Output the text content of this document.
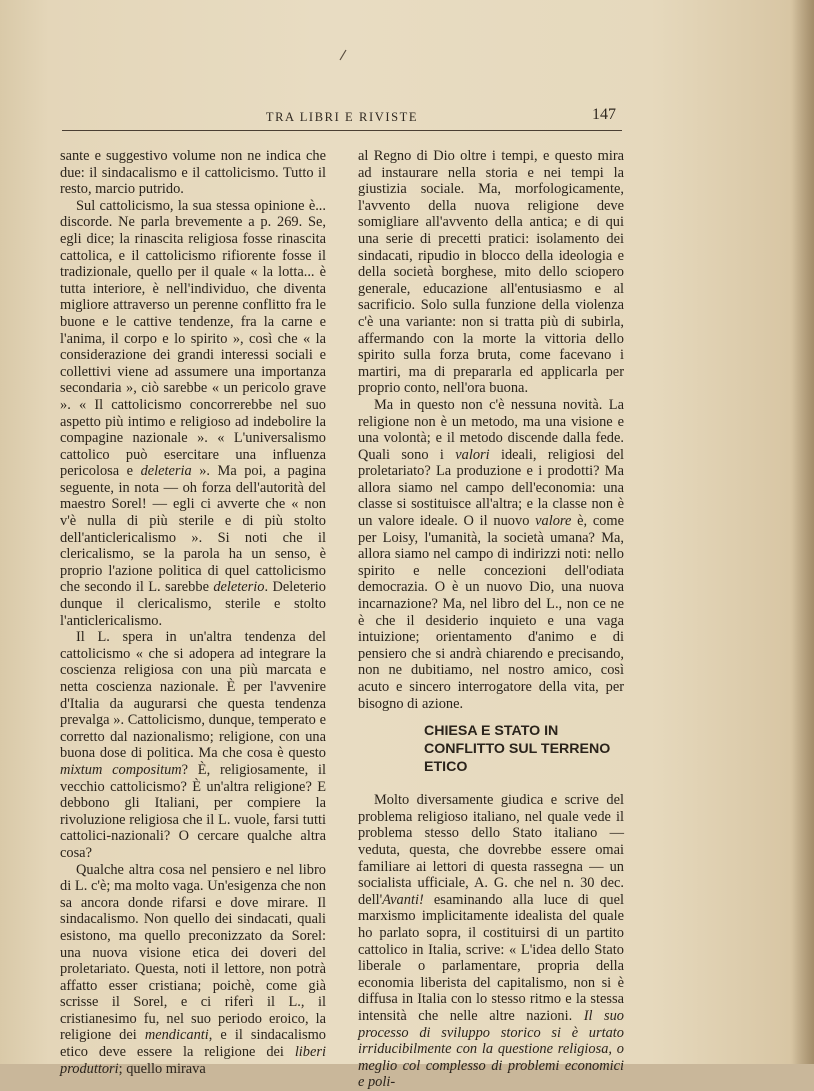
TRA LIBRI E RIVISTE	147

sante e suggestivo volume non ne indica che due: il sindacalismo e il cattolicismo. Tutto il resto, marcio putrido.

Sul cattolicismo, la sua stessa opinione è... discorde. Ne parla brevemente a p. 269. Se, egli dice; la rinascita religiosa fosse rinascita cattolica, e il cattolicismo rifiorente fosse il tradizionale, quello per il quale « la lotta... è tutta interiore, è nell'individuo, che diventa migliore attraverso un perenne conflitto fra le buone e le cattive tendenze, fra la carne e l'anima, il corpo e lo spirito », così che « la considerazione dei grandi interessi sociali e collettivi viene ad assumere una importanza secondaria », ciò sarebbe « un pericolo grave ». « Il cattolicismo concorrerebbe nel suo aspetto più intimo e religioso ad indebolire la compagine nazionale ». « L'universalismo cattolico può esercitare una influenza pericolosa e deleteria ». Ma poi, a pagina seguente, in nota — oh forza dell'autorità del maestro Sorel! — egli ci avverte che « non v'è nulla di più sterile e di più stolto dell'anticlericalismo ». Si noti che il clericalismo, se la parola ha un senso, è proprio l'azione politica di quel cattolicismo che secondo il L. sarebbe deleterio. Deleterio dunque il clericalismo, sterile e stolto l'anticlericalismo.

Il L. spera in un'altra tendenza del cattolicismo « che si adopera ad integrare la coscienza religiosa con una più marcata e netta coscienza nazionale. È per l'avvenire d'Italia da augurarsi che questa tendenza prevalga ». Cattolicismo, dunque, temperato e corretto dal nazionalismo; religione, con una buona dose di politica. Ma che cosa è questo mixtum compositum? È, religiosamente, il vecchio cattolicismo? È un'altra religione? E debbono gli Italiani, per compiere la rivoluzione religiosa che il L. vuole, farsi tutti cattolici-nazionali? O cercare qualche altra cosa?

Qualche altra cosa nel pensiero e nel libro di L. c'è; ma molto vaga. Un'esigenza che non sa ancora donde rifarsi e dove mirare. Il sindacalismo. Non quello dei sindacati, quali esistono, ma quello preconizzato da Sorel: una nuova visione etica dei doveri del proletariato. Questa, noti il lettore, non potrà affatto esser cristiana; poichè, come già scrisse il Sorel, e ci riferì il L., il cristianesimo fu, nel suo periodo eroico, la religione dei mendicanti, e il sindacalismo etico deve essere la religione dei liberi produttori; quello mirava

al Regno di Dio oltre i tempi, e questo mira ad instaurare nella storia e nei tempi la giustizia sociale. Ma, morfologicamente, l'avvento della nuova religione deve somigliare all'avvento della antica; e di qui una serie di precetti pratici: isolamento dei sindacati, ripudio in blocco della ideologia e della società borghese, mito dello sciopero generale, educazione all'entusiasmo e al sacrificio. Solo sulla funzione della violenza c'è una variante: non si tratta più di subirla, affermando con la morte la vittoria dello spirito sulla forza bruta, come facevano i martiri, ma di prepararla ed applicarla per proprio conto, nell'ora buona.

Ma in questo non c'è nessuna novità. La religione non è un metodo, ma una visione e una volontà; e il metodo discende dalla fede. Quali sono i valori ideali, religiosi del proletariato? La produzione e i prodotti? Ma allora siamo nel campo dell'economia: una classe si sostituisce all'altra; e la classe non è un valore ideale. O il nuovo valore è, come per Loisy, l'umanità, la società umana? Ma, allora siamo nel campo di indirizzi noti: nello spirito e nelle concezioni dell'odiata democrazia. O è un nuovo Dio, una nuova incarnazione? Ma, nel libro del L., non ce ne è che il desiderio inquieto e una vaga intuizione; orientamento d'animo e di pensiero che si andrà chiarendo e precisando, non ne dubitiamo, nel nostro amico, così acuto e sincero interrogatore della vita, per bisogno di azione.

CHIESA E STATO IN CONFLITTO SUL TERRENO ETICO

Molto diversamente giudica e scrive del problema religioso italiano, nel quale vede il problema stesso dello Stato italiano — veduta, questa, che dovrebbe essere omai familiare ai lettori di questa rassegna — un socialista ufficiale, A. G. che nel n. 30 dec. dell'Avanti! esaminando alla luce di quel marxismo implicitamente idealista del quale ho parlato sopra, il costituirsi di un partito cattolico in Italia, scrive: « L'idea dello Stato liberale o parlamentare, propria della economia liberista del capitalismo, non si è diffusa in Italia con lo stesso ritmo e la stessa intensità che nelle altre nazioni. Il suo processo di sviluppo storico si è urtato irriducibilmente con la questione religiosa, o meglio col complesso di problemi economici e poli-
